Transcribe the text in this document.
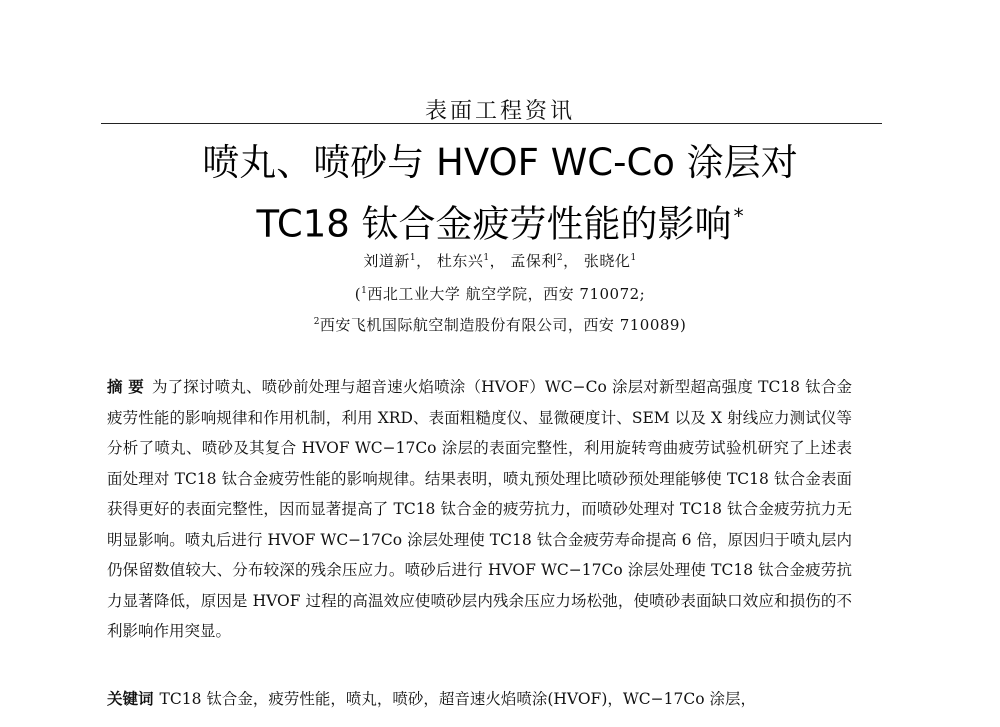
表面工程资讯
喷丸、喷砂与 HVOF WC-Co 涂层对
TC18 钛合金疲劳性能的影响 *
刘道新$^1$， 杜东兴$^1$， 孟保利$^2$， 张晓化$^1$
($^1$西北工业大学 航空学院，西安 710072;
$^2$西安飞机国际航空制造股份有限公司，西安 710089)
摘 要 为了探讨喷丸、喷砂前处理与超音速火焰喷涂（HVOF）WC−Co 涂层对新型超高强度 TC18 钛合金疲劳性能的影响规律和作用机制，利用 XRD、表面粗糙度仪、显微硬度计、SEM 以及 X 射线应力测试仪等分析了喷丸、喷砂及其复合 HVOF WC−17Co 涂层的表面完整性，利用旋转弯曲疲劳试验机研究了上述表面处理对 TC18 钛合金疲劳性能的影响规律。结果表明，喷丸预处理比喷砂预处理能够使 TC18 钛合金表面获得更好的表面完整性，因而显著提高了 TC18 钛合金的疲劳抗力，而喷砂处理对 TC18 钛合金疲劳抗力无明显影响。喷丸后进行 HVOF WC−17Co 涂层处理使 TC18 钛合金疲劳寿命提高 6 倍，原因归于喷丸层内仍保留数值较大、分布较深的残余压应力。喷砂后进行 HVOF WC−17Co 涂层处理使 TC18 钛合金疲劳抗力显著降低，原因是 HVOF 过程的高温效应使喷砂层内残余压应力场松弛，使喷砂表面缺口效应和损伤的不利影响作用突显。
关键词 TC18 钛合金，疲劳性能，喷丸，喷砂，超音速火焰喷涂(HVOF)，WC−17Co 涂层，
